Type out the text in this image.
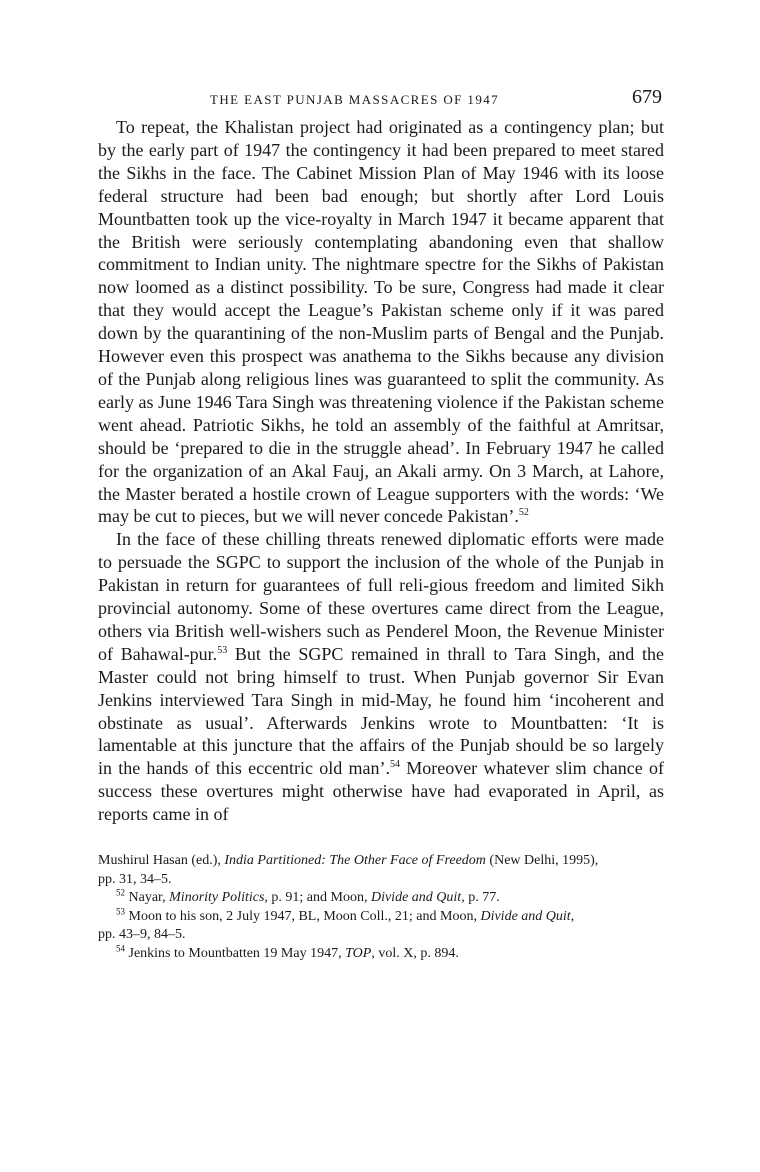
THE EAST PUNJAB MASSACRES OF 1947	679

To repeat, the Khalistan project had originated as a contingency plan; but by the early part of 1947 the contingency it had been prepared to meet stared the Sikhs in the face. The Cabinet Mission Plan of May 1946 with its loose federal structure had been bad enough; but shortly after Lord Louis Mountbatten took up the vice-royalty in March 1947 it became apparent that the British were seriously contemplating abandoning even that shallow commitment to Indian unity. The nightmare spectre for the Sikhs of Pakistan now loomed as a distinct possibility. To be sure, Congress had made it clear that they would accept the League’s Pakistan scheme only if it was pared down by the quarantining of the non-Muslim parts of Bengal and the Punjab. However even this prospect was anathema to the Sikhs because any division of the Punjab along religious lines was guaranteed to split the community. As early as June 1946 Tara Singh was threatening violence if the Pakistan scheme went ahead. Patriotic Sikhs, he told an assembly of the faithful at Amritsar, should be ‘prepared to die in the struggle ahead’. In February 1947 he called for the organization of an Akal Fauj, an Akali army. On 3 March, at Lahore, the Master berated a hostile crown of League supporters with the words: ‘We may be cut to pieces, but we will never concede Pakistan’.$^{52}$

In the face of these chilling threats renewed diplomatic efforts were made to persuade the SGPC to support the inclusion of the whole of the Punjab in Pakistan in return for guarantees of full reli-gious freedom and limited Sikh provincial autonomy. Some of these overtures came direct from the League, others via British well-wishers such as Penderel Moon, the Revenue Minister of Bahawal-pur.$^{53}$ But the SGPC remained in thrall to Tara Singh, and the Master could not bring himself to trust. When Punjab governor Sir Evan Jenkins interviewed Tara Singh in mid-May, he found him ‘incoherent and obstinate as usual’. Afterwards Jenkins wrote to Mountbatten: ‘It is lamentable at this juncture that the affairs of the Punjab should be so largely in the hands of this eccentric old man’.$^{54}$ Moreover whatever slim chance of success these overtures might otherwise have had evaporated in April, as reports came in of

Mushirul Hasan (ed.), India Partitioned: The Other Face of Freedom (New Delhi, 1995),

pp. 31, 34–5.

$^{52}$ Nayar, Minority Politics, p. 91; and Moon, Divide and Quit, p. 77.

$^{53}$ Moon to his son, 2 July 1947, BL, Moon Coll., 21; and Moon, Divide and Quit,

pp. 43–9, 84–5.

$^{54}$ Jenkins to Mountbatten 19 May 1947, TOP, vol. X, p. 894.
